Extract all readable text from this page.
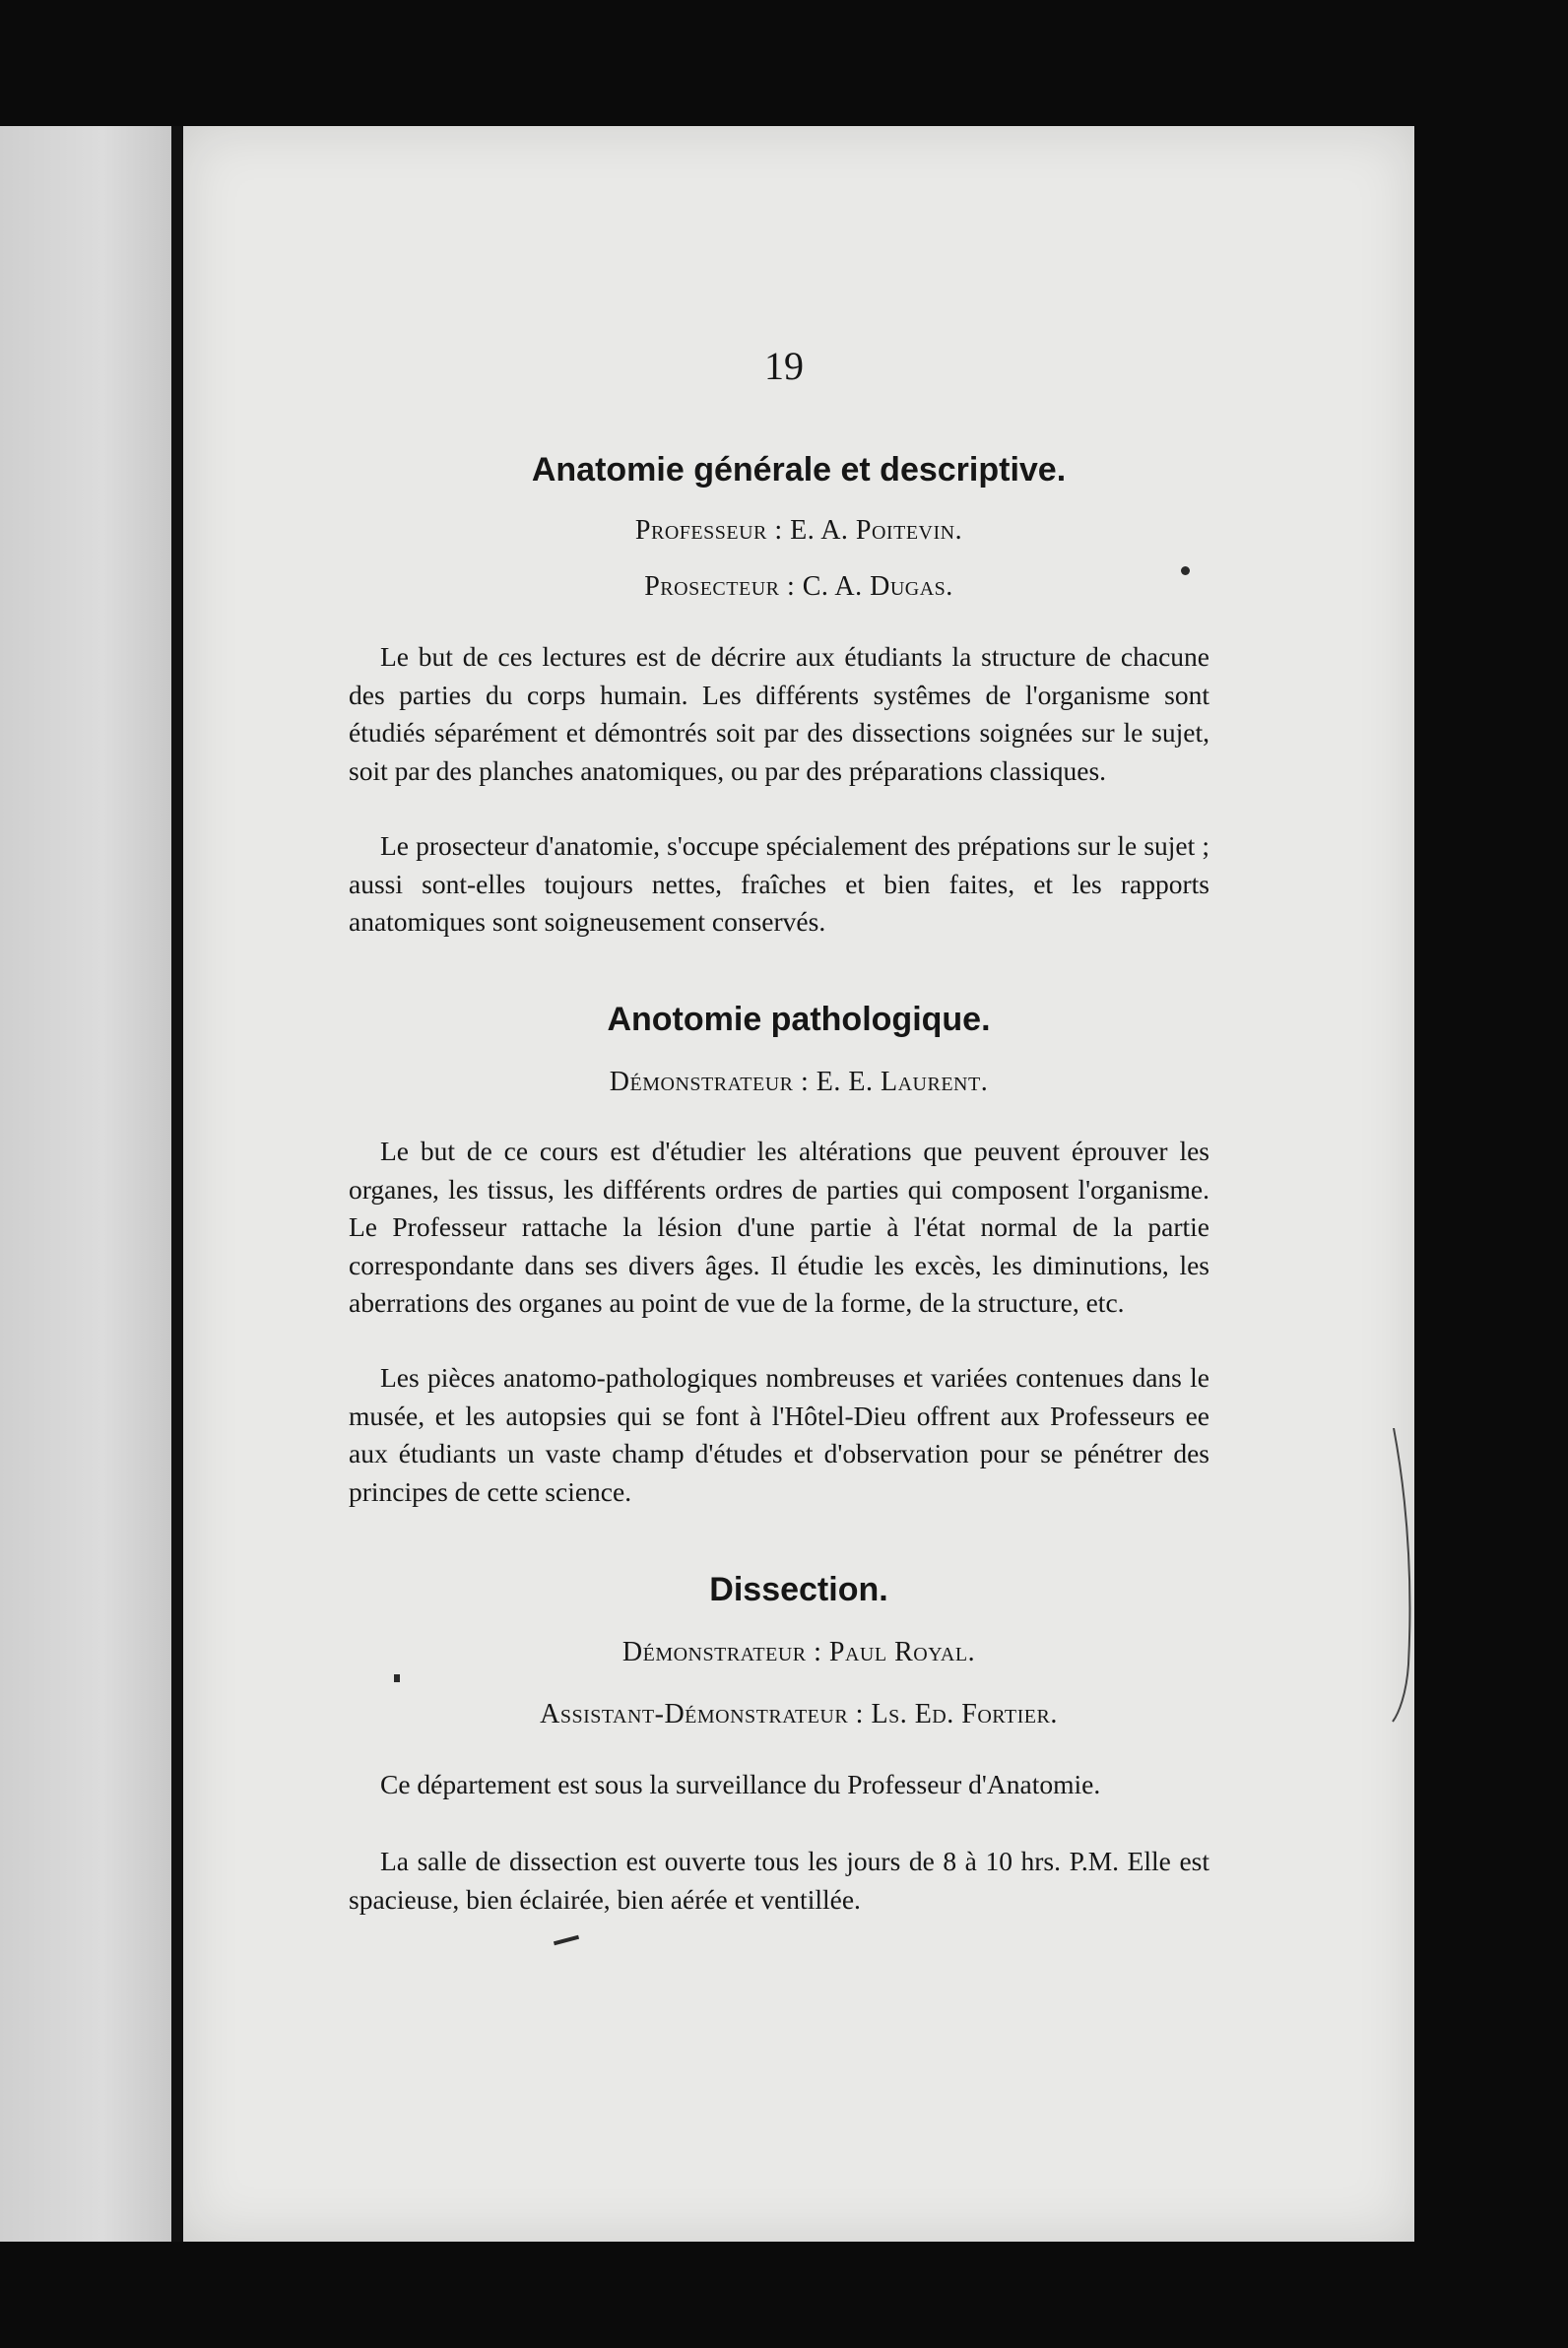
19
Anatomie générale et descriptive.
Professeur : E. A. Poitevin.
Prosecteur : C. A. Dugas.

Le but de ces lectures est de décrire aux étudiants la structure de chacune des parties du corps humain. Les différents systêmes de l'organisme sont étudiés séparément et démontrés soit par des dissections soignées sur le sujet, soit par des planches anatomiques, ou par des préparations classiques.

Le prosecteur d'anatomie, s'occupe spécialement des prépations sur le sujet ; aussi sont-elles toujours nettes, fraîches et bien faites, et les rapports anatomiques sont soigneusement conservés.

Anotomie pathologique.
Démonstrateur : E. E. Laurent.

Le but de ce cours est d'étudier les altérations que peuvent éprouver les organes, les tissus, les différents ordres de parties qui composent l'organisme. Le Professeur rattache la lésion d'une partie à l'état normal de la partie correspondante dans ses divers âges. Il étudie les excès, les diminutions, les aberrations des organes au point de vue de la forme, de la structure, etc.

Les pièces anatomo-pathologiques nombreuses et variées contenues dans le musée, et les autopsies qui se font à l'Hôtel-Dieu offrent aux Professeurs ee aux étudiants un vaste champ d'études et d'observation pour se pénétrer des principes de cette science.

Dissection.
Démonstrateur : Paul Royal.
Assistant-Démonstrateur : Ls. Ed. Fortier.

Ce département est sous la surveillance du Professeur d'Anatomie.

La salle de dissection est ouverte tous les jours de 8 à 10 hrs. P.M. Elle est spacieuse, bien éclairée, bien aérée et ventillée.
